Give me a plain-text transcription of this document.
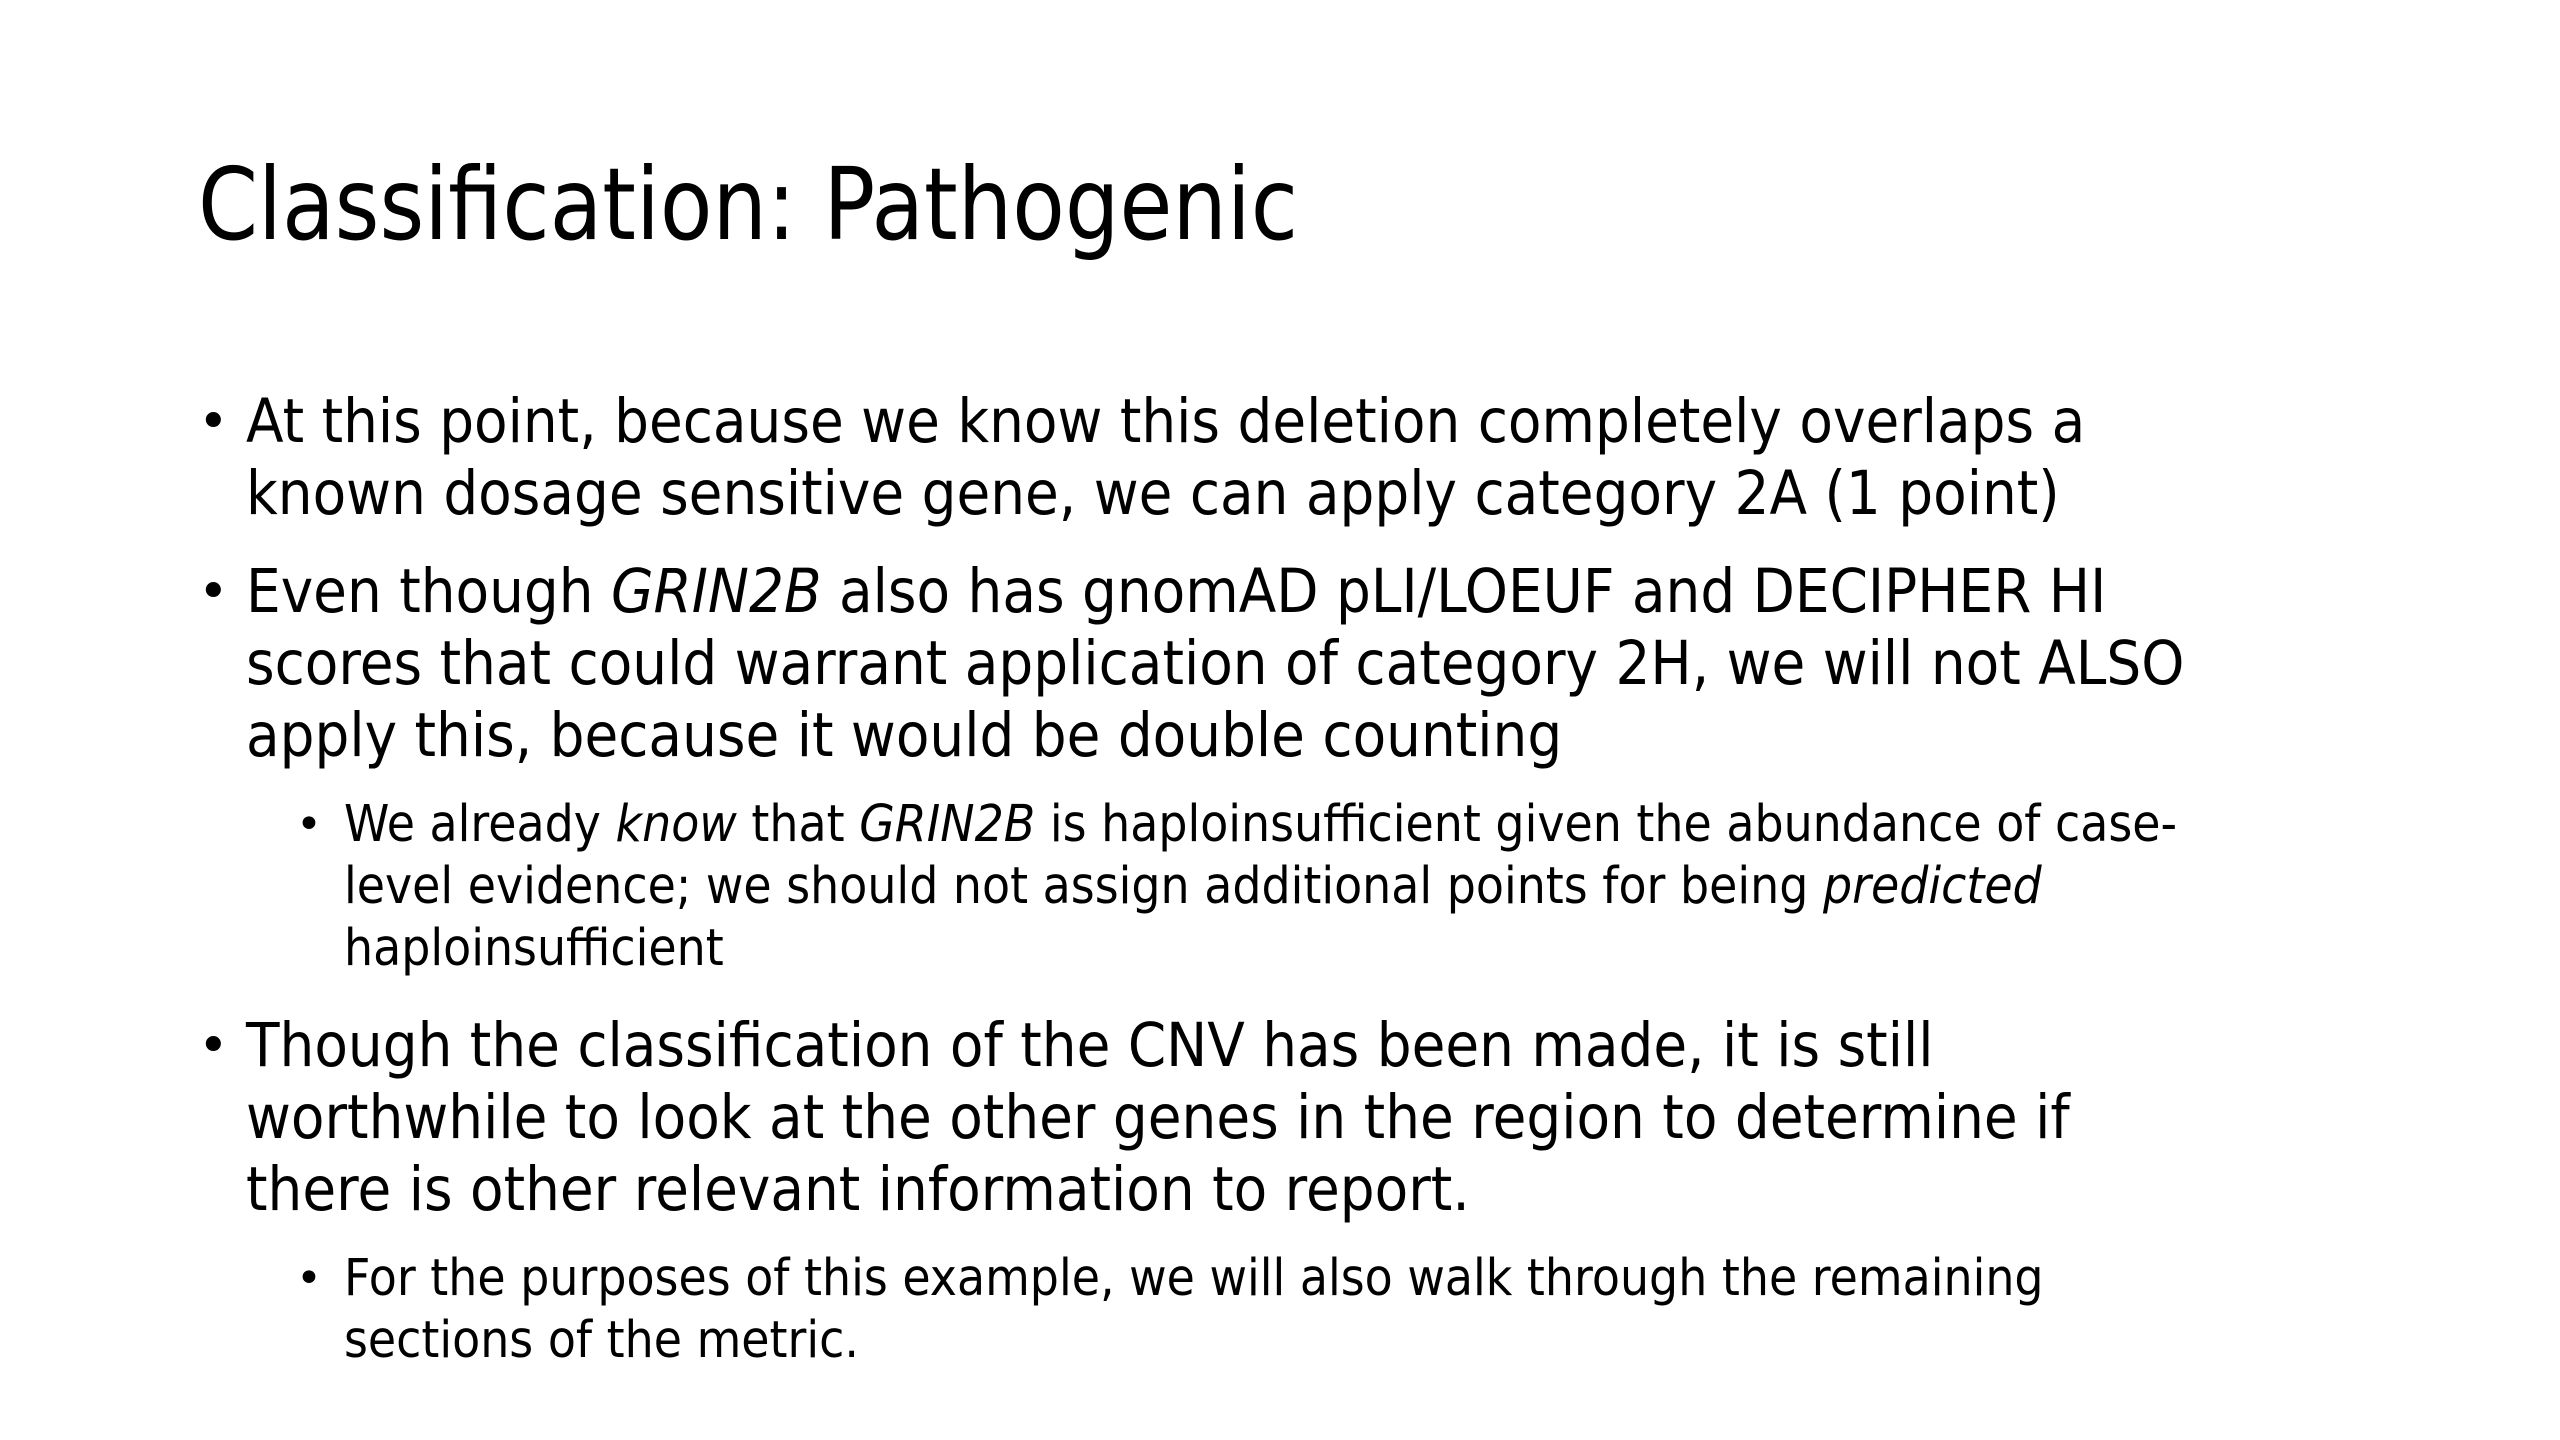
Classification: Pathogenic
• At this point, because we know this deletion completely overlaps a
known dosage sensitive gene, we can apply category 2A (1 point)
• Even though GRIN2B also has gnomAD pLI/LOEUF and DECIPHER HI
scores that could warrant application of category 2H, we will not ALSO
apply this, because it would be double counting
• We already know that GRIN2B is haploinsufficient given the abundance of case-
level evidence; we should not assign additional points for being predicted
haploinsufficient
• Though the classification of the CNV has been made, it is still
worthwhile to look at the other genes in the region to determine if
there is other relevant information to report.
• For the purposes of this example, we will also walk through the remaining
sections of the metric.
